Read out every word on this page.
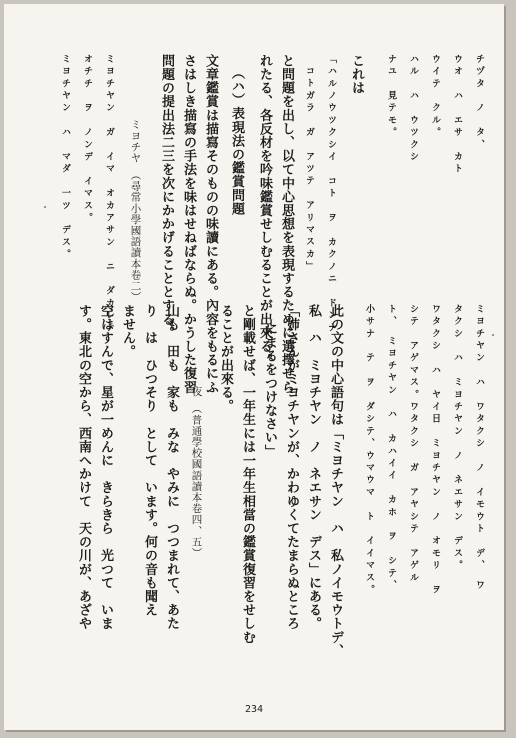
ミヨチヤン　ハ　ワタクシ　ノ　イモウト　デ、　ワ
タクシ　ハ　ミヨチヤン　ノ　ネエサン　デス。
ワタクシ　ハ　ヤイ日　ミヨチヤン　ノ　オモリ　ヲ
シテ　アゲマス。ワタクシ　ガ　アヤシテ　アゲル
ト、　ミヨチヤン　ハ　カハイイ　カホ　ヲ　シテ、
小サナ　テ　ヲ　ダシテ、ウマウマ　ト　イイマス。
此の文の中心語句は「ミヨチヤン　ハ　私ノイモウトデ、
私　ハ　ミヨチヤン　ノ　ネエサン　デス」にある。
「姉さんがミヨチヤンが、かわゆくてたまらぬところ
にまるをつけなさい」
と剛載せば、一年生には一年生相當の鑑賞復習をせしむ
ることが出來る。
夜　（普通學校國語讀本卷四、五）
山も　田も　家も　みな　やみに　つつまれて、あた
り　は　ひつそり　として　います。何の音も聞え
ません。
空はすんで、星が一めんに　きらきら　光つて　いま
す。東北の空から、西南へかけて　天の川が、あざや
チヅタ　ノ　タ、
ウオ　ハ　エサ　カト
ウイテ　クル。
ハル　ハ　ウツクシ
ナユ　見テモ。
これは
「ハルノウツクシイ　コト　ヲ　カクノニ　ドンナ
コトガラ　ガ　アツテ　アリマスカ」
と問題を出し、以て中心思想を表現するために選擇せら
れたる、各反材を吟味鑑賞せしむることが出來る。
（ハ）表現法の鑑賞問題
文章鑑賞は描寫そのものの味讀にある。內容をもるにふ
さはしき描寫の手法を味はせねばならぬ。かうした復習
問題の提出法二三を次にかかげることとする。
ミヨチヤ　（尋常小學國語讀本卷二）
ミヨチヤン　ガ　イマ　オカアサン　ニ　ダカレテ
オチチ　ヲ　ノンデ　イマス。
ミヨチヤン　ハ　マダ　一ツ　デス。
234
